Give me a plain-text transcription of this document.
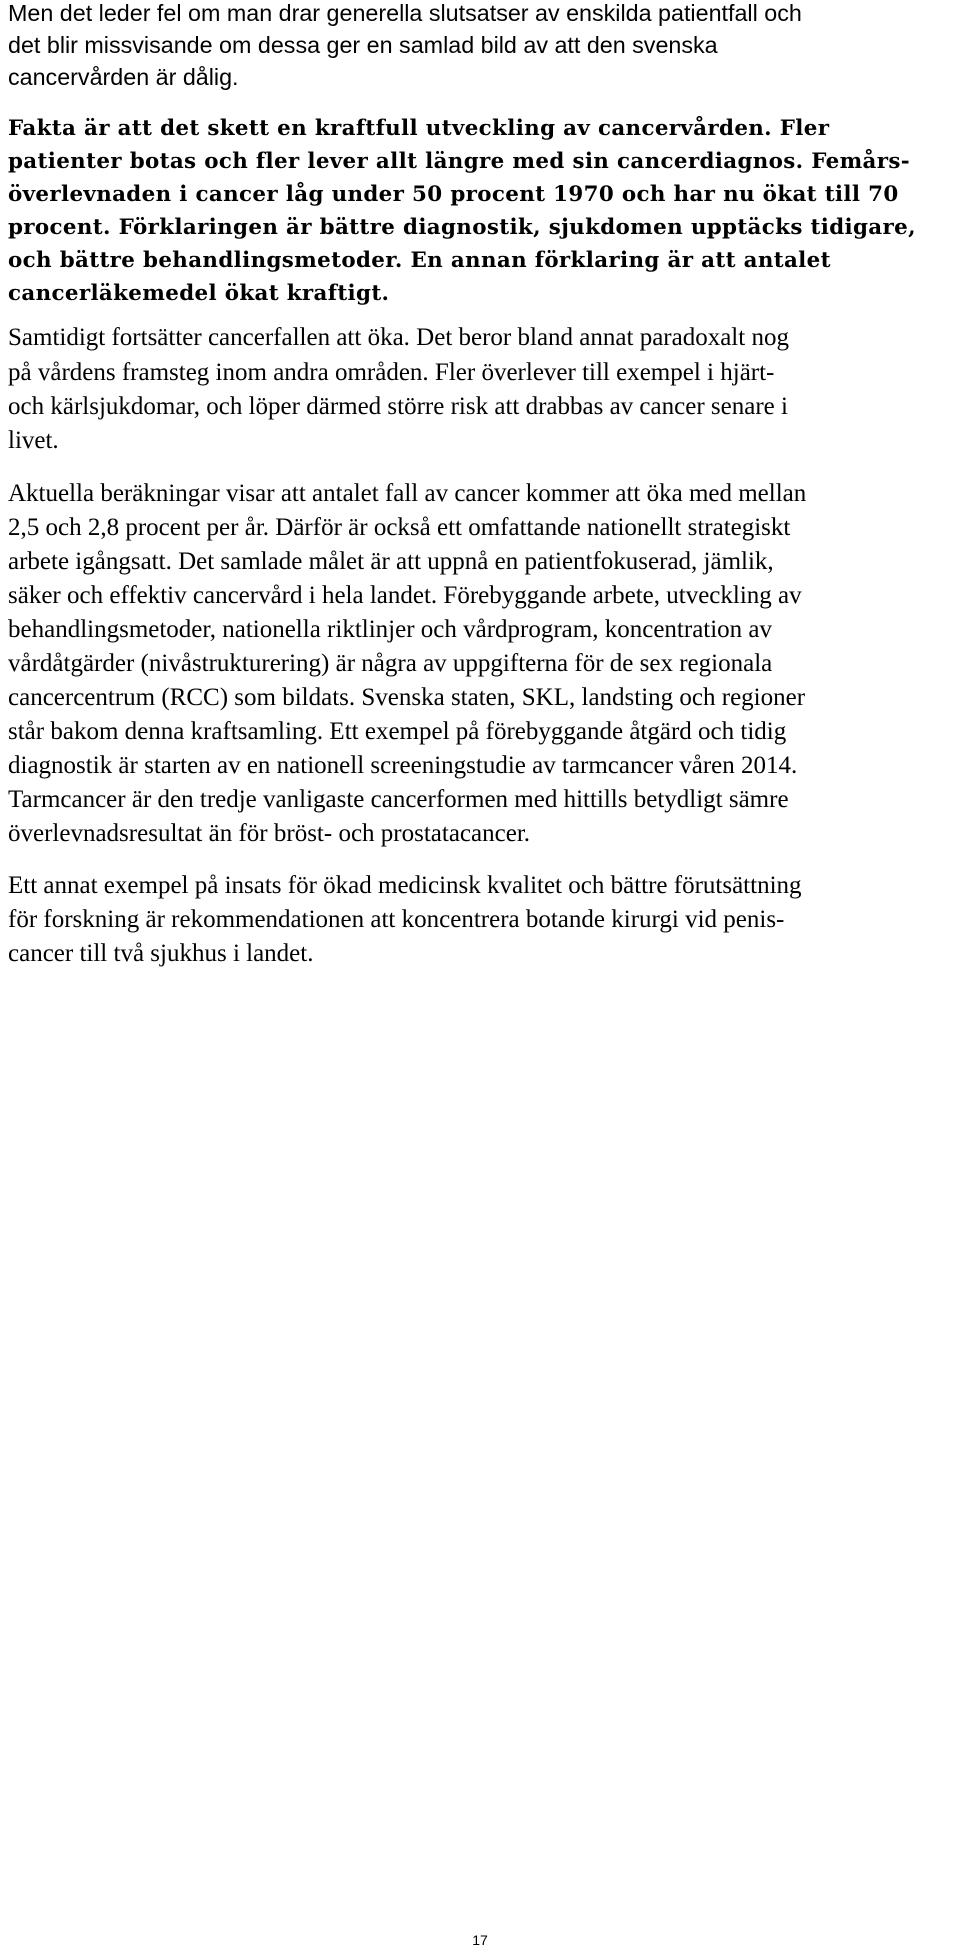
Men det leder fel om man drar generella slutsatser av enskilda patientfall och
det blir missvisande om dessa ger en samlad bild av att den svenska
cancervården är dålig.
Fakta är att det skett en kraftfull utveckling av cancervården. Fler
patienter botas och fler lever allt längre med sin cancerdiagnos. Femårs-
överlevnaden i cancer låg under 50 procent 1970 och har nu ökat till 70
procent. Förklaringen är bättre diagnostik, sjukdomen upptäcks tidigare,
och bättre behandlingsmetoder. En annan förklaring är att antalet
cancerläkemedel ökat kraftigt.
Samtidigt fortsätter cancerfallen att öka. Det beror bland annat paradoxalt nog
på vårdens framsteg inom andra områden. Fler överlever till exempel i hjärt-
och kärlsjukdomar, och löper därmed större risk att drabbas av cancer senare i
livet.
Aktuella beräkningar visar att antalet fall av cancer kommer att öka med mellan
2,5 och 2,8 procent per år. Därför är också ett omfattande nationellt strategiskt
arbete igångsatt. Det samlade målet är att uppnå en patientfokuserad, jämlik,
säker och effektiv cancervård i hela landet. Förebyggande arbete, utveckling av
behandlingsmetoder, nationella riktlinjer och vårdprogram, koncentration av
vårdåtgärder (nivåstrukturering) är några av uppgifterna för de sex regionala
cancercentrum (RCC) som bildats. Svenska staten, SKL, landsting och regioner
står bakom denna kraftsamling. Ett exempel på förebyggande åtgärd och tidig
diagnostik är starten av en nationell screeningstudie av tarmcancer våren 2014.
Tarmcancer är den tredje vanligaste cancerformen med hittills betydligt sämre
överlevnadsresultat än för bröst- och prostatacancer.
Ett annat exempel på insats för ökad medicinsk kvalitet och bättre förutsättning
för forskning är rekommendationen att koncentrera botande kirurgi vid penis-
cancer till två sjukhus i landet.
17
